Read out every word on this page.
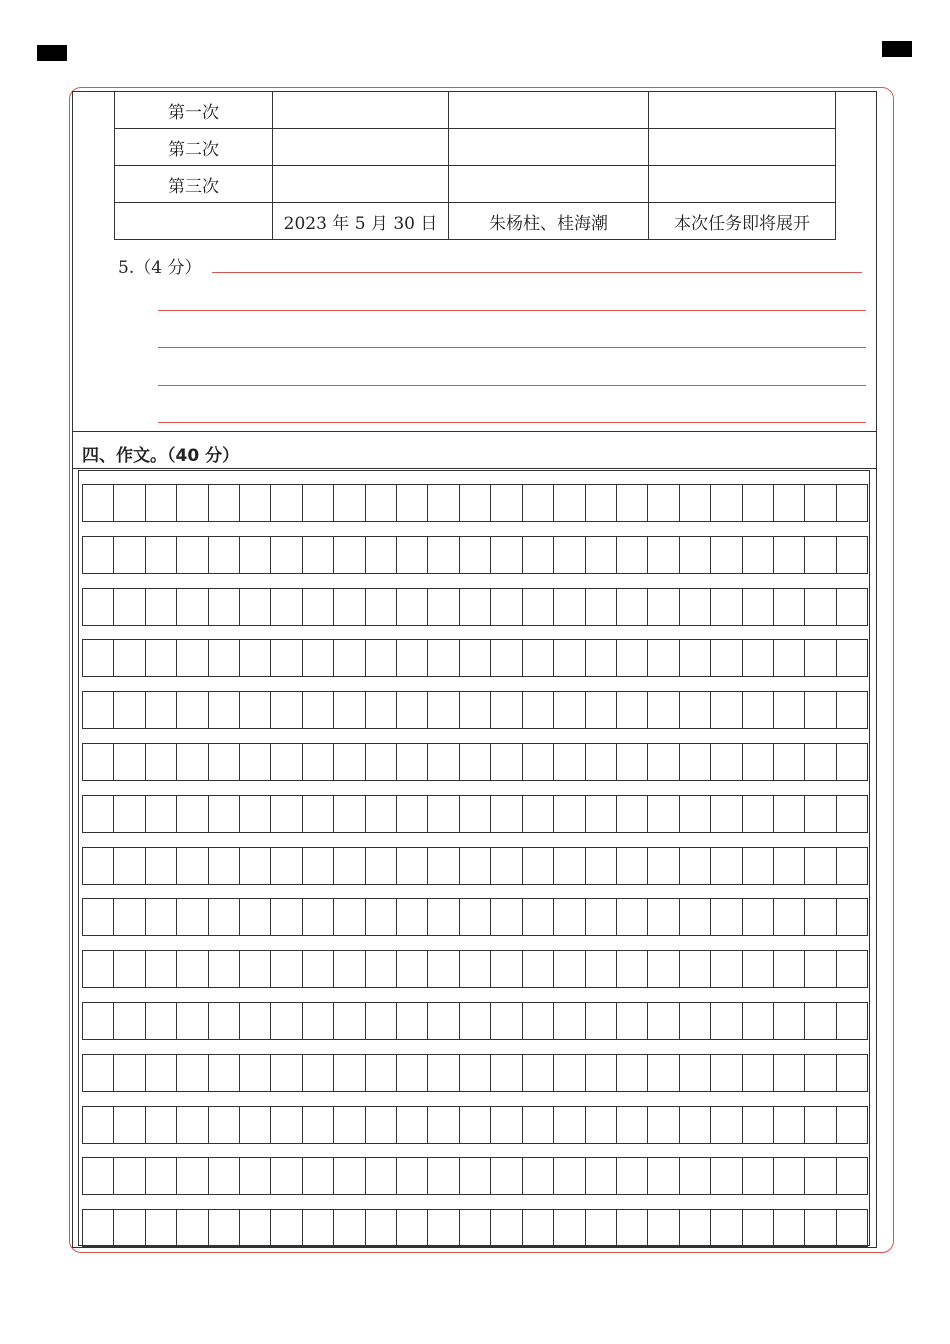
第一次			
第二次			
第三次			
	2023 年 5 月 30 日	朱杨柱、桂海潮	本次任务即将展开
5.（4 分）
四、作文。（40 分）
